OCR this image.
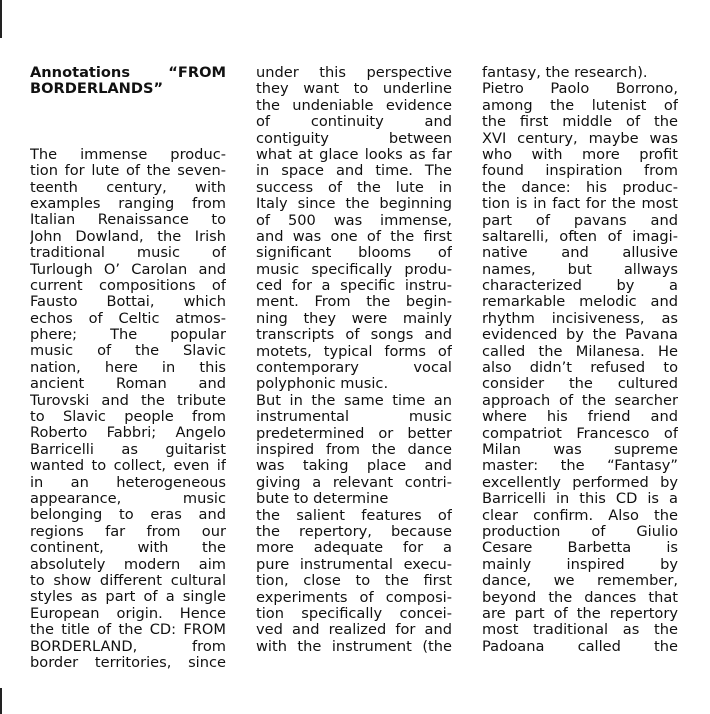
Annotations “FROM
BORDERLANDS”
The immense produc-
tion for lute of the seven-
teenth century, with
examples ranging from
Italian Renaissance to
John Dowland, the Irish
traditional music of
Turlough O’ Carolan and
current compositions of
Fausto Bottai, which
echos of Celtic atmos-
phere; The popular
music of the Slavic
nation, here in this
ancient Roman and
Turovski and the tribute
to Slavic people from
Roberto Fabbri; Angelo
Barricelli as guitarist
wanted to collect, even if
in an heterogeneous
appearance, music
belonging to eras and
regions far from our
continent, with the
absolutely modern aim
to show different cultural
styles as part of a single
European origin. Hence
the title of the CD: FROM
BORDERLAND, from
border territories, since
under this perspective
they want to underline
the undeniable evidence
of continuity and
contiguity between
what at glace looks as far
in space and time. The
success of the lute in
Italy since the beginning
of 500 was immense,
and was one of the first
significant blooms of
music specifically produ-
ced for a specific instru-
ment. From the begin-
ning they were mainly
transcripts of songs and
motets, typical forms of
contemporary vocal
polyphonic music.
But in the same time an
instrumental music
predetermined or better
inspired from the dance
was taking place and
giving a relevant contri-
bute to determine
the salient features of
the repertory, because
more adequate for a
pure instrumental execu-
tion, close to the first
experiments of composi-
tion specifically concei-
ved and realized for and
with the instrument (the
fantasy, the research).
Pietro Paolo Borrono,
among the lutenist of
the first middle of the
XVI century, maybe was
who with more profit
found inspiration from
the dance: his produc-
tion is in fact for the most
part of pavans and
saltarelli, often of imagi-
native and allusive
names, but allways
characterized by a
remarkable melodic and
rhythm incisiveness, as
evidenced by the Pavana
called the Milanesa. He
also didn’t refused to
consider the cultured
approach of the searcher
where his friend and
compatriot Francesco of
Milan was supreme
master: the “Fantasy”
excellently performed by
Barricelli in this CD is a
clear confirm. Also the
production of Giulio
Cesare Barbetta is
mainly inspired by
dance, we remember,
beyond the dances that
are part of the repertory
most traditional as the
Padoana called the
